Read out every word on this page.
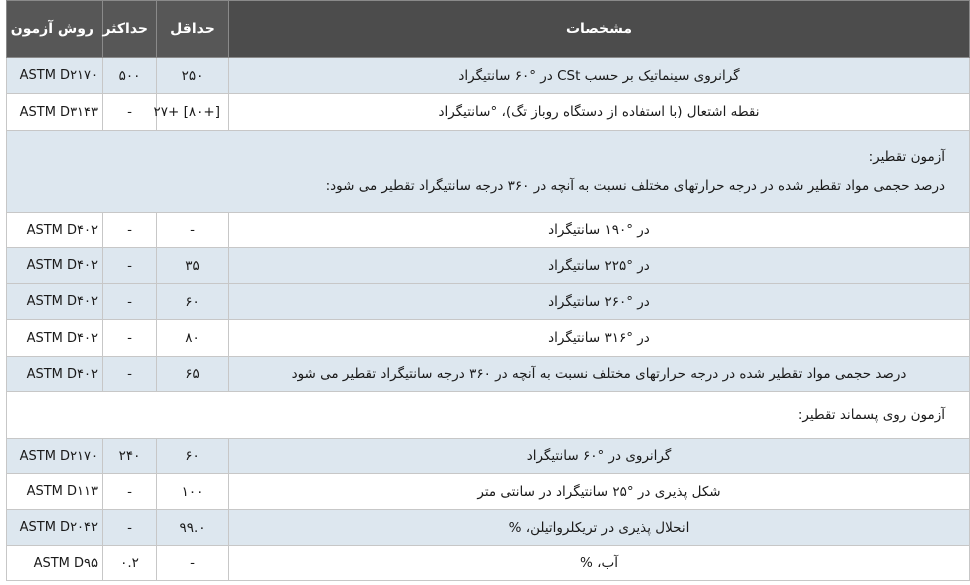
مشخصات	حداقل	حداکثر	روش آزمون
گرانروی سینماتیک بر حسب CSt در °۶۰ سانتیگراد	۲۵۰	۵۰۰	ASTM D۲۱۷۰
نقطه اشتعال (با استفاده از دستگاه روباز تگ)، °سانتیگراد	[+۸۰] +۲۷	-	ASTM D۳۱۴۳

آزمون تقطیر:

درصد حجمی مواد تقطیر شده در درجه حرارتهای مختلف نسبت به آنچه در ۳۶۰ درجه سانتیگراد تقطیر می شود:			

در °۱۹۰ سانتیگراد	-	-	ASTM D۴۰۲
در °۲۲۵ سانتیگراد	۳۵	-	ASTM D۴۰۲
در °۲۶۰ سانتیگراد	۶۰	-	ASTM D۴۰۲
در °۳۱۶ سانتیگراد	۸۰	-	ASTM D۴۰۲
درصد حجمی مواد تقطیر شده در درجه حرارتهای مختلف نسبت به آنچه در ۳۶۰ درجه سانتیگراد تقطیر می شود	۶۵	-	ASTM D۴۰۲
آزمون روی پسماند تقطیر:			
گرانروی در °۶۰ سانتیگراد	۶۰	۲۴۰	ASTM D۲۱۷۰
شکل پذیری در °۲۵ سانتیگراد در سانتی متر	۱۰۰	-	ASTM D۱۱۳
انحلال پذیری در تریکلرواتیلن، %	۹۹.۰	-	ASTM D۲۰۴۲
آب، %	-	۰.۲	ASTM D۹۵
